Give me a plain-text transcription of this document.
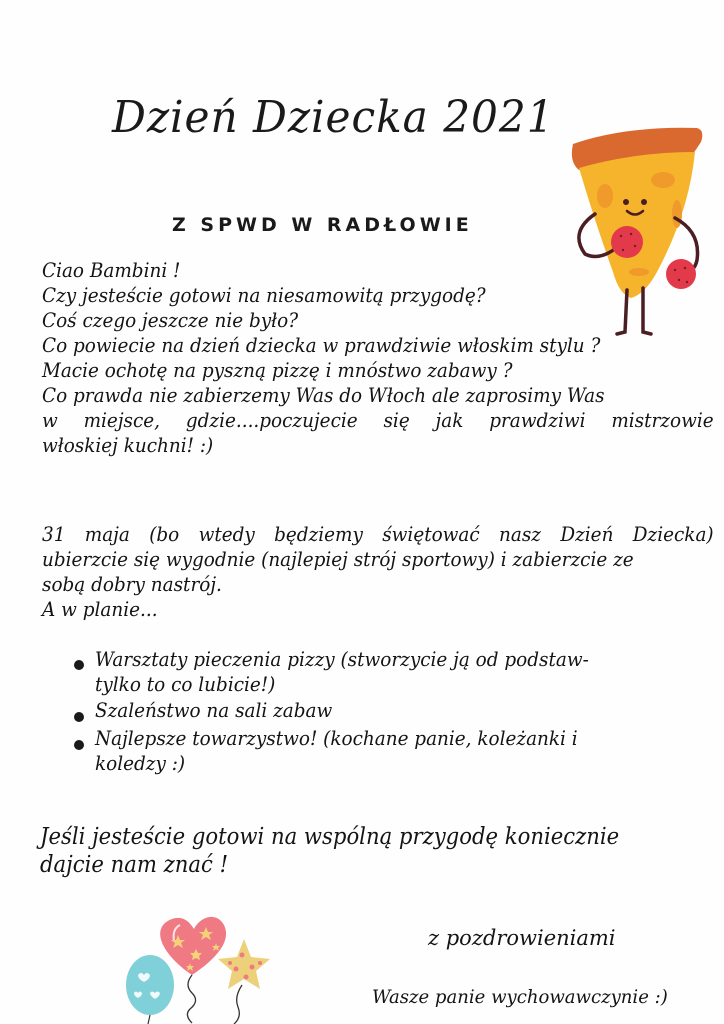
Dzień Dziecka 2021
Z SPWD W RADŁOWIE
Ciao Bambini !
Czy jesteście gotowi na niesamowitą przygodę?
Coś czego jeszcze nie było?
Co powiecie na dzień dziecka w prawdziwie włoskim stylu ?
Macie ochotę na pyszną pizzę i mnóstwo zabawy ?
Co prawda nie zabierzemy Was do Włoch ale zaprosimy Was
w miejsce, gdzie....poczujecie się jak prawdziwi mistrzowie
włoskiej kuchni! :)
31 maja (bo wtedy będziemy świętować nasz Dzień Dziecka)
ubierzcie się wygodnie (najlepiej strój sportowy) i zabierzcie ze
sobą dobry nastrój.
A w planie...
Warsztaty pieczenia pizzy (stworzycie ją od podstaw-
tylko to co lubicie!)
Szaleństwo na sali zabaw
Najlepsze towarzystwo! (kochane panie, koleżanki i
koledzy :)
Jeśli jesteście gotowi na wspólną przygodę koniecznie
dajcie nam znać !
z pozdrowieniami
Wasze panie wychowawczynie :)
